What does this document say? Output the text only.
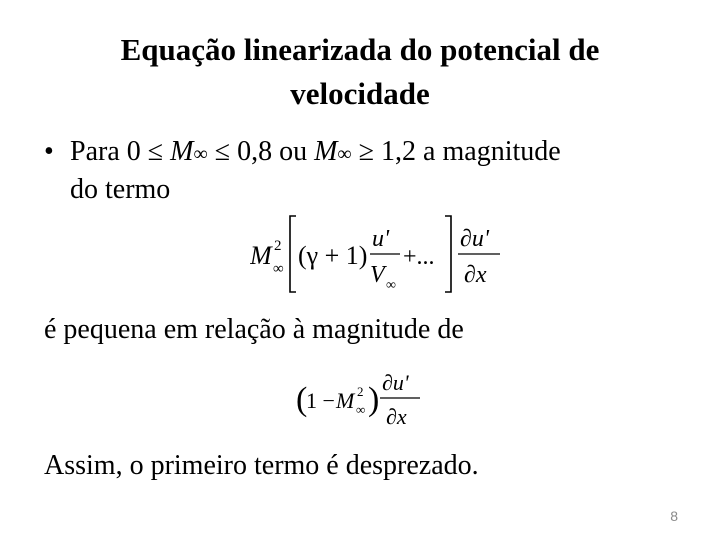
Equação linearizada do potencial de
velocidade
• Para 0 ≤ M∞ ≤ 0,8 ou M∞ ≥ 1,2 a magnitude
do termo
M 2
∞ (γ + 1)
u'
V ∞
+...
∂u'
∂x
é pequena em relação à magnitude de
(
1 − M 2
∞ ) ∂u'
∂x
Assim, o primeiro termo é desprezado.
8
